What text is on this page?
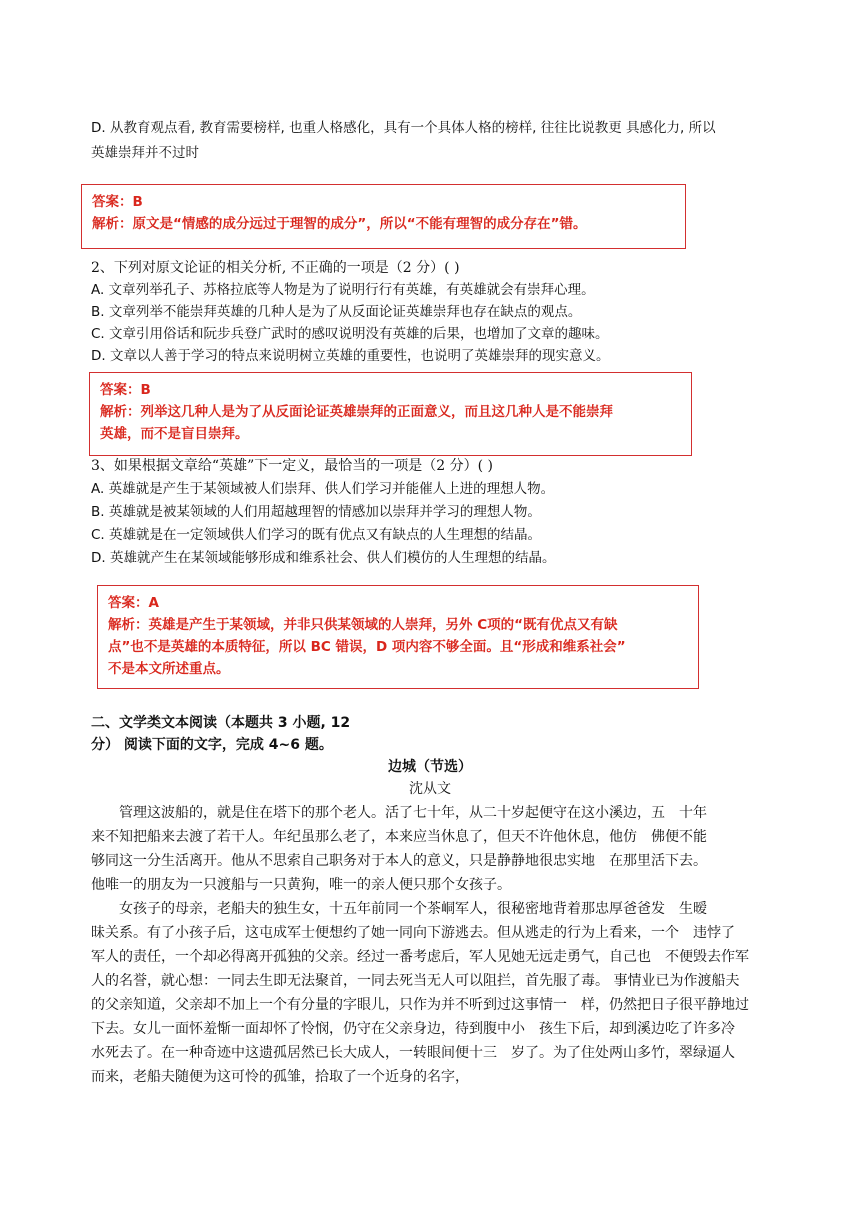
D. 从教育观点看, 教育需要榜样, 也重人格感化，具有一个具体人格的榜样, 往往比说教更 具感化力, 所以
英雄崇拜并不过时
答案：B
解析：原文是“情感的成分远过于理智的成分”，所以“不能有理智的成分存在”错。
2、下列对原文论证的相关分析, 不正确的一项是（2 分）( )
A. 文章列举孔子、苏格拉底等人物是为了说明行行有英雄，有英雄就会有崇拜心理。
B. 文章列举不能崇拜英雄的几种人是为了从反面论证英雄崇拜也存在缺点的观点。
C. 文章引用俗话和阮步兵登广武时的感叹说明没有英雄的后果，也增加了文章的趣味。
D. 文章以人善于学习的特点来说明树立英雄的重要性，也说明了英雄崇拜的现实意义。
答案：B
解析：列举这几种人是为了从反面论证英雄崇拜的正面意义，而且这几种人是不能崇拜
英雄，而不是盲目崇拜。
3、如果根据文章给“英雄”下一定义，最恰当的一项是（2 分）( )
A. 英雄就是产生于某领域被人们崇拜、供人们学习并能催人上进的理想人物。
B. 英雄就是被某领域的人们用超越理智的情感加以崇拜并学习的理想人物。
C. 英雄就是在一定领域供人们学习的既有优点又有缺点的人生理想的结晶。
D. 英雄就产生在某领域能够形成和维系社会、供人们模仿的人生理想的结晶。
答案：A
解析：英雄是产生于某领域，并非只供某领域的人崇拜，另外 C项的“既有优点又有缺
点”也不是英雄的本质特征，所以 BC 错误，D 项内容不够全面。且“形成和维系社会”
不是本文所述重点。
二、文学类文本阅读（本题共 3 小题, 12
分） 阅读下面的文字，完成 4~6 题。
边城（节选）
沈从文
　　管理这波船的，就是住在塔下的那个老人。活了七十年，从二十岁起便守在这小溪边，五　十年
来不知把船来去渡了若干人。年纪虽那么老了，本来应当休息了，但天不许他休息，他仿　佛便不能
够同这一分生活离开。他从不思索自己职务对于本人的意义，只是静静地很忠实地　在那里活下去。
他唯一的朋友为一只渡船与一只黄狗，唯一的亲人便只那个女孩子。
　　女孩子的母亲，老船夫的独生女，十五年前同一个茶峒军人，很秘密地背着那忠厚爸爸发　生暧
昧关系。有了小孩子后，这屯成军士便想约了她一同向下游逃去。但从逃走的行为上看来，一个　违悖了
军人的责任，一个却必得离开孤独的父亲。经过一番考虑后，军人见她无远走勇气，自己也　不便毁去作军
人的名誉，就心想：一同去生即无法聚首，一同去死当无人可以阻拦，首先服了毒。 事情业已为作渡船夫
的父亲知道，父亲却不加上一个有分量的字眼儿，只作为并不听到过这事情一　样，仍然把日子很平静地过
下去。女儿一面怀羞惭一面却怀了怜悯，仍守在父亲身边，待到腹中小　孩生下后，却到溪边吃了许多冷
水死去了。在一种奇迹中这遗孤居然已长大成人，一转眼间便十三　岁了。为了住处两山多竹，翠绿逼人
而来，老船夫随便为这可怜的孤雏，拾取了一个近身的名字，
